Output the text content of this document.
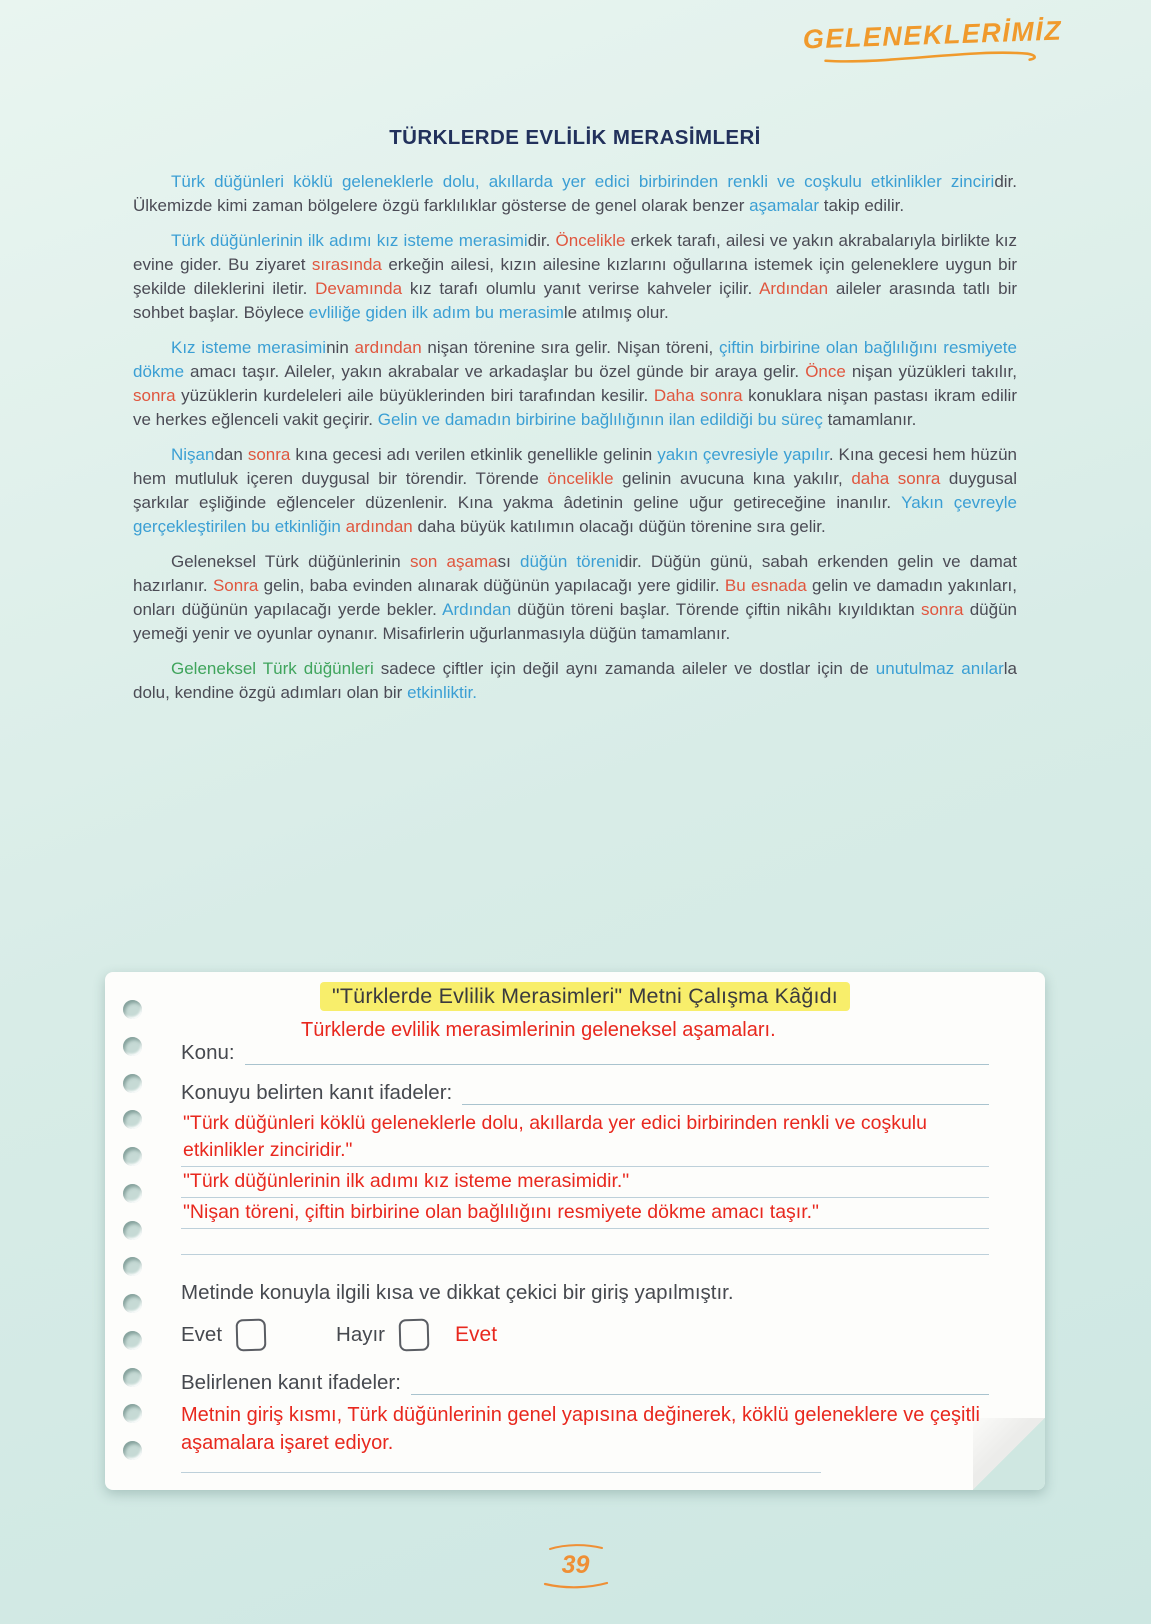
GELENEKLERİMİZ
TÜRKLERDE EVLİLİK MERASİMLERİ

Türk düğünleri köklü geleneklerle dolu, akıllarda yer edici birbirinden renkli ve coşkulu etkinlikler zinciridir. Ülkemizde kimi zaman bölgelere özgü farklılıklar gösterse de genel olarak benzer aşamalar takip edilir.

Türk düğünlerinin ilk adımı kız isteme merasimidir. Öncelikle erkek tarafı, ailesi ve yakın akrabalarıyla birlikte kız evine gider. Bu ziyaret sırasında erkeğin ailesi, kızın ailesine kızlarını oğullarına istemek için geleneklere uygun bir şekilde dileklerini iletir. Devamında kız tarafı olumlu yanıt verirse kahveler içilir. Ardından aileler arasında tatlı bir sohbet başlar. Böylece evliliğe giden ilk adım bu merasimle atılmış olur.

Kız isteme merasiminin ardından nişan törenine sıra gelir. Nişan töreni, çiftin birbirine olan bağlılığını resmiyete dökme amacı taşır. Aileler, yakın akrabalar ve arkadaşlar bu özel günde bir araya gelir. Önce nişan yüzükleri takılır, sonra yüzüklerin kurdeleleri aile büyüklerinden biri tarafından kesilir. Daha sonra konuklara nişan pastası ikram edilir ve herkes eğlenceli vakit geçirir. Gelin ve damadın birbirine bağlılığının ilan edildiği bu süreç tamamlanır.

Nişandan sonra kına gecesi adı verilen etkinlik genellikle gelinin yakın çevresiyle yapılır. Kına gecesi hem hüzün hem mutluluk içeren duygusal bir törendir. Törende öncelikle gelinin avucuna kına yakılır, daha sonra duygusal şarkılar eşliğinde eğlenceler düzenlenir. Kına yakma âdetinin geline uğur getireceğine inanılır. Yakın çevreyle gerçekleştirilen bu etkinliğin ardından daha büyük katılımın olacağı düğün törenine sıra gelir.

Geleneksel Türk düğünlerinin son aşaması düğün törenidir. Düğün günü, sabah erkenden gelin ve damat hazırlanır. Sonra gelin, baba evinden alınarak düğünün yapılacağı yere gidilir. Bu esnada gelin ve damadın yakınları, onları düğünün yapılacağı yerde bekler. Ardından düğün töreni başlar. Törende çiftin nikâhı kıyıldıktan sonra düğün yemeği yenir ve oyunlar oynanır. Misafirlerin uğurlanmasıyla düğün tamamlanır.

Geleneksel Türk düğünleri sadece çiftler için değil aynı zamanda aileler ve dostlar için de unutulmaz anılarla dolu, kendine özgü adımları olan bir etkinliktir.

"Türklerde Evlilik Merasimleri" Metni Çalışma Kâğıdı
Türklerde evlilik merasimlerinin geleneksel aşamaları.
Konu:
Konuyu belirten kanıt ifadeler:
"Türk düğünleri köklü geleneklerle dolu, akıllarda yer edici birbirinden renkli ve coşkulu etkinlikler zinciridir."
"Türk düğünlerinin ilk adımı kız isteme merasimidir."
"Nişan töreni, çiftin birbirine olan bağlılığını resmiyete dökme amacı taşır."
Metinde konuyla ilgili kısa ve dikkat çekici bir giriş yapılmıştır.
Evet	Hayır	Evet
Belirlenen kanıt ifadeler:
Metnin giriş kısmı, Türk düğünlerinin genel yapısına değinerek, köklü geleneklere ve çeşitli aşamalara işaret ediyor.
39
